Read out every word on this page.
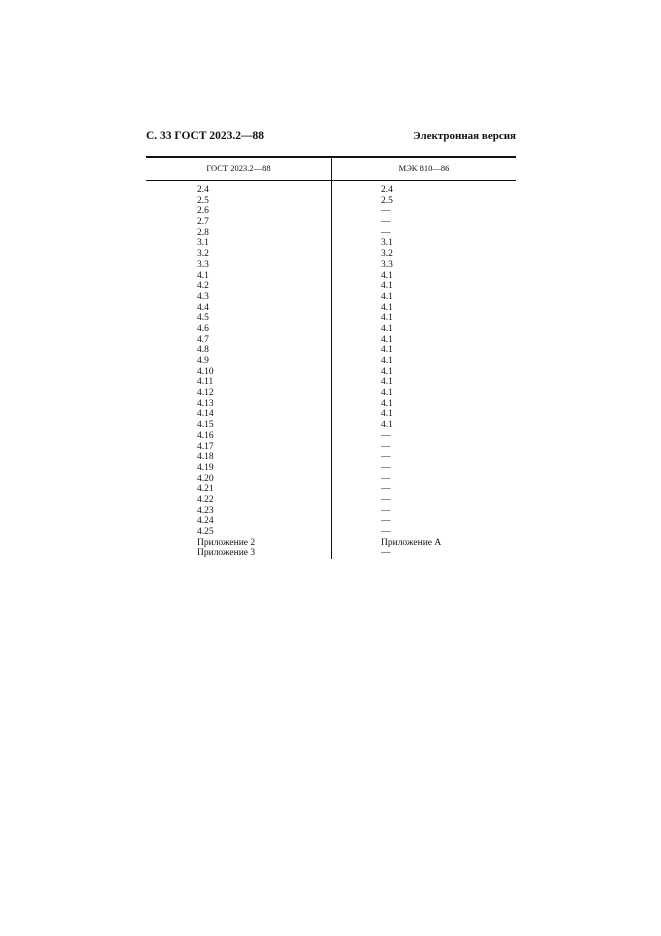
С. 33 ГОСТ 2023.2—88	Электронная версия
ГОСТ 2023.2—88	МЭК 810—86
2.4
2.5
2.6
2.7
2.8
3.1
3.2
3.3
4.1
4.2
4.3
4.4
4.5
4.6
4.7
4.8
4.9
4.10
4.11
4.12
4.13
4.14
4.15
4.16
4.17
4.18
4.19
4.20
4.21
4.22
4.23
4.24
4.25
Приложение 2
Приложение 3
2.4
2.5
—
—
—
3.1
3.2
3.3
4.1
4.1
4.1
4.1
4.1
4.1
4.1
4.1
4.1
4.1
4.1
4.1
4.1
4.1
4.1
—
—
—
—
—
—
—
—
—
—
Приложение А
—
